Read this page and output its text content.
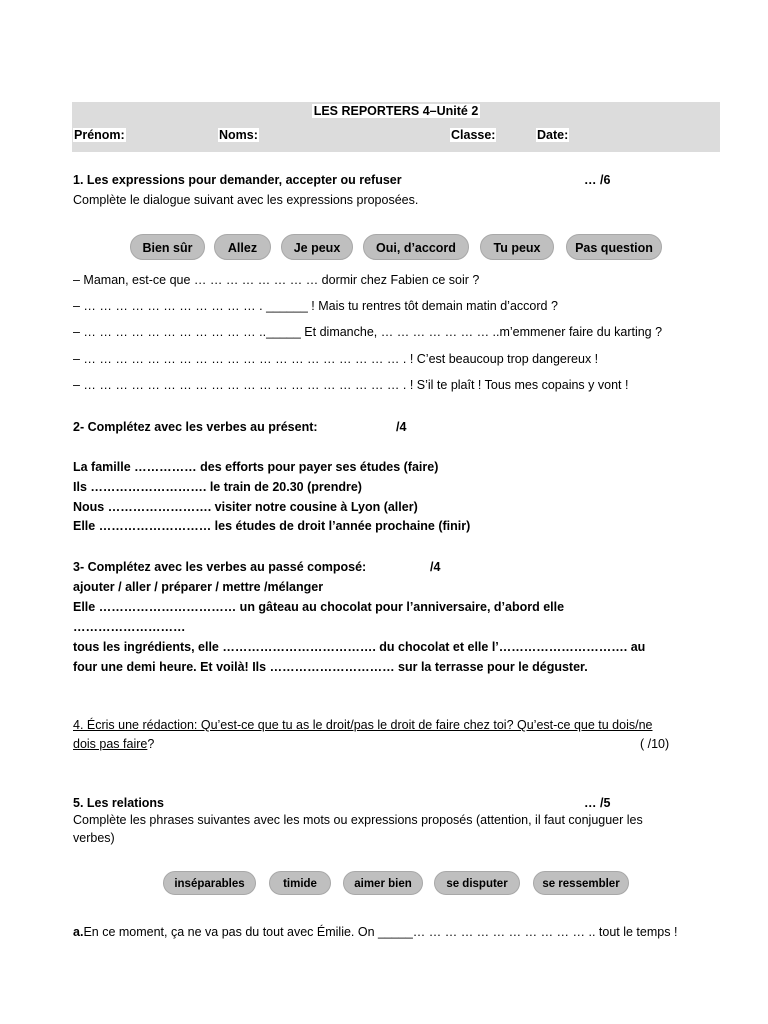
LES REPORTERS 4–Unité 2
Prénom:	Noms:	Classe:	Date:
1. Les expressions pour demander, accepter ou refuser	… /6
Complète le dialogue suivant avec les expressions proposées.
Bien sûr	Allez	Je peux	Oui, d’accord	Tu peux	Pas question
– Maman, est-ce que … … … … … … … … dormir chez Fabien ce soir ?
– … … … … … … … … … … … . ______ ! Mais tu rentres tôt demain matin d’accord ?
– … … … … … … … … … … … .._____ Et dimanche, … … … … … … … ..m’emmener faire du karting ?
– … … … … … … … … … … … … … … … … … … … … . ! C’est beaucoup trop dangereux !
– … … … … … … … … … … … … … … … … … … … … . ! S’il te plaît ! Tous mes copains y vont !
2- Complétez avec les verbes au présent:	/4
La famille …………… des efforts pour payer ses études (faire)
Ils ………………………. le train de 20.30 (prendre)
Nous ……………………. visiter notre cousine à Lyon (aller)
Elle ……………………… les études de droit l’année prochaine (finir)
3- Complétez avec les verbes au passé composé:	/4
ajouter / aller / préparer / mettre /mélanger
Elle …………………………… un gâteau au chocolat pour l’anniversaire, d’abord elle
………………………
tous les ingrédients, elle ………………………………. du chocolat et elle l’…………………………. au
four une demi heure. Et voilà! Ils ………………………… sur la terrasse pour le déguster.
4. Écris une rédaction: Qu’est-ce que tu as le droit/pas le droit de faire chez toi? Qu’est-ce que tu dois/ne
dois pas faire?	( /10)
5. Les relations	… /5
Complète les phrases suivantes avec les mots ou expressions proposés (attention, il faut conjuguer les
verbes)
inséparables	timide	aimer bien	se disputer	se ressembler
a.En ce moment, ça ne va pas du tout avec Émilie. On _____… … … … … … … … … … … .. tout le temps !
